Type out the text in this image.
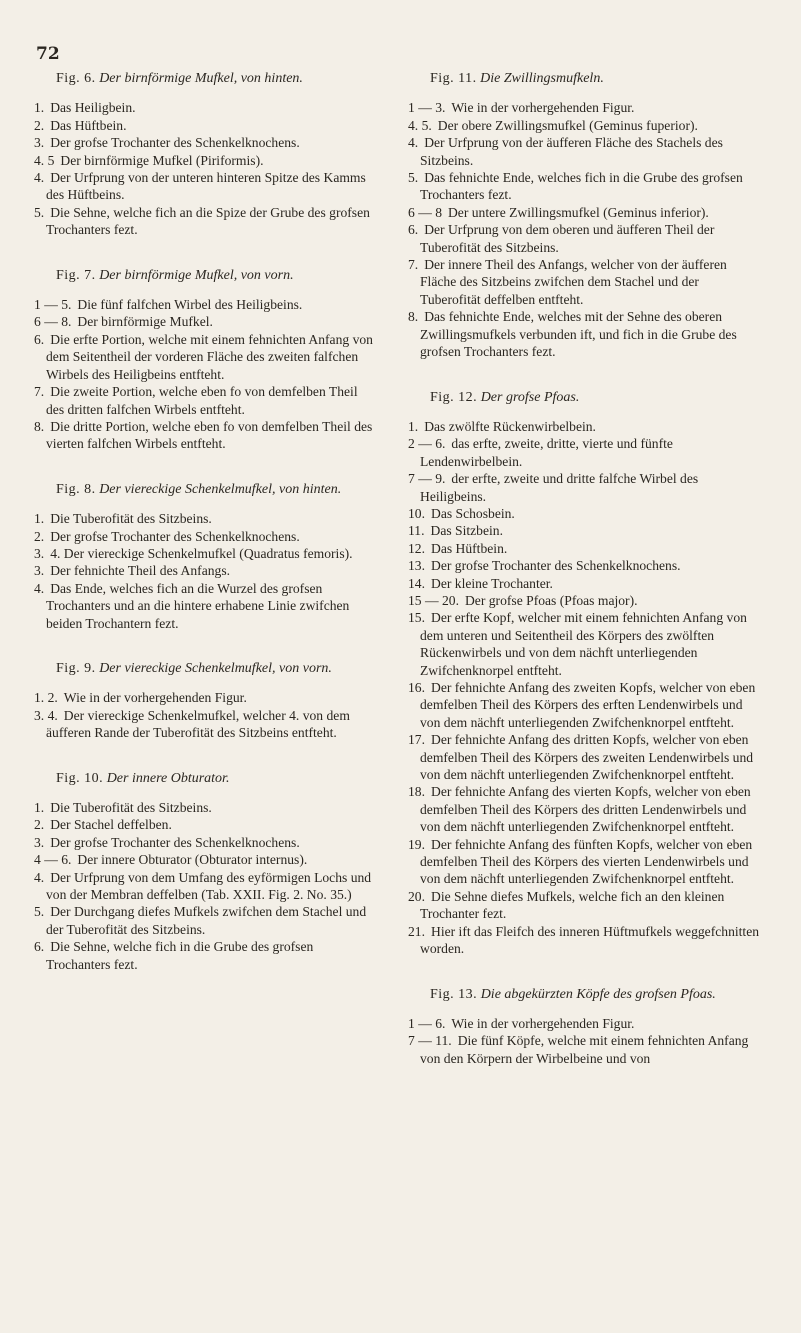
72
Fig. 6. Der birnförmige Mufkel, von hinten.

1. Das Heiligbein.

2. Das Hüftbein.

3. Der grofse Trochanter des Schenkelknochens.

4. 5 Der birnförmige Mufkel (Piriformis).

4. Der Urfprung von der unteren hinteren Spitze des Kamms des Hüftbeins.

5. Die Sehne, welche fich an die Spize der Grube des grofsen Trochanters fezt.

Fig. 7. Der birnförmige Mufkel, von vorn.

1 — 5. Die fünf falfchen Wirbel des Heiligbeins.

6 — 8. Der birnförmige Mufkel.

6. Die erfte Portion, welche mit einem fehnichten Anfang von dem Seitentheil der vorderen Fläche des zweiten falfchen Wirbels des Heiligbeins entfteht.

7. Die zweite Portion, welche eben fo von demfelben Theil des dritten falfchen Wirbels entfteht.

8. Die dritte Portion, welche eben fo von demfelben Theil des vierten falfchen Wirbels entfteht.

Fig. 8. Der viereckige Schenkelmufkel, von hinten.

1. Die Tuberofität des Sitzbeins.

2. Der grofse Trochanter des Schenkelknochens.

3. 4. Der viereckige Schenkelmufkel (Quadratus femoris).

3. Der fehnichte Theil des Anfangs.

4. Das Ende, welches fich an die Wurzel des grofsen Trochanters und an die hintere erhabene Linie zwifchen beiden Trochantern fezt.

Fig. 9. Der viereckige Schenkelmufkel, von vorn.

1. 2. Wie in der vorhergehenden Figur.

3. 4. Der viereckige Schenkelmufkel, welcher 4. von dem äufferen Rande der Tuberofität des Sitzbeins entfteht.

Fig. 10. Der innere Obturator.

1. Die Tuberofität des Sitzbeins.

2. Der Stachel deffelben.

3. Der grofse Trochanter des Schenkelknochens.

4 — 6. Der innere Obturator (Obturator internus).

4. Der Urfprung von dem Umfang des eyförmigen Lochs und von der Membran deffelben (Tab. XXII. Fig. 2. No. 35.)

5. Der Durchgang diefes Mufkels zwifchen dem Stachel und der Tuberofität des Sitzbeins.

6. Die Sehne, welche fich in die Grube des grofsen Trochanters fezt.

Fig. 11. Die Zwillingsmufkeln.

1 — 3. Wie in der vorhergehenden Figur.

4. 5. Der obere Zwillingsmufkel (Geminus fuperior).

4. Der Urfprung von der äufferen Fläche des Stachels des Sitzbeins.

5. Das fehnichte Ende, welches fich in die Grube des grofsen Trochanters fezt.

6 — 8 Der untere Zwillingsmufkel (Geminus inferior).

6. Der Urfprung von dem oberen und äufferen Theil der Tuberofität des Sitzbeins.

7. Der innere Theil des Anfangs, welcher von der äufferen Fläche des Sitzbeins zwifchen dem Stachel und der Tuberofität deffelben entfteht.

8. Das fehnichte Ende, welches mit der Sehne des oberen Zwillingsmufkels verbunden ift, und fich in die Grube des grofsen Trochanters fezt.

Fig. 12. Der grofse Pfoas.

1. Das zwölfte Rückenwirbelbein.

2 — 6. das erfte, zweite, dritte, vierte und fünfte Lendenwirbelbein.

7 — 9. der erfte, zweite und dritte falfche Wirbel des Heiligbeins.

10. Das Schosbein.

11. Das Sitzbein.

12. Das Hüftbein.

13. Der grofse Trochanter des Schenkelknochens.

14. Der kleine Trochanter.

15 — 20. Der grofse Pfoas (Pfoas major).

15. Der erfte Kopf, welcher mit einem fehnichten Anfang von dem unteren und Seitentheil des Körpers des zwölften Rückenwirbels und von dem nächft unterliegenden Zwifchenknorpel entfteht.

16. Der fehnichte Anfang des zweiten Kopfs, welcher von eben demfelben Theil des Körpers des erften Lendenwirbels und von dem nächft unterliegenden Zwifchenknorpel entfteht.

17. Der fehnichte Anfang des dritten Kopfs, welcher von eben demfelben Theil des Körpers des zweiten Lendenwirbels und von dem nächft unterliegenden Zwifchenknorpel entfteht.

18. Der fehnichte Anfang des vierten Kopfs, welcher von eben demfelben Theil des Körpers des dritten Lendenwirbels und von dem nächft unterliegenden Zwifchenknorpel entfteht.

19. Der fehnichte Anfang des fünften Kopfs, welcher von eben demfelben Theil des Körpers des vierten Lendenwirbels und von dem nächft unterliegenden Zwifchenknorpel entfteht.

20. Die Sehne diefes Mufkels, welche fich an den kleinen Trochanter fezt.

21. Hier ift das Fleifch des inneren Hüftmufkels weggefchnitten worden.

Fig. 13. Die abgekürzten Köpfe des grofsen Pfoas.

1 — 6. Wie in der vorhergehenden Figur.

7 — 11. Die fünf Köpfe, welche mit einem fehnichten Anfang von den Körpern der Wirbelbeine und von
